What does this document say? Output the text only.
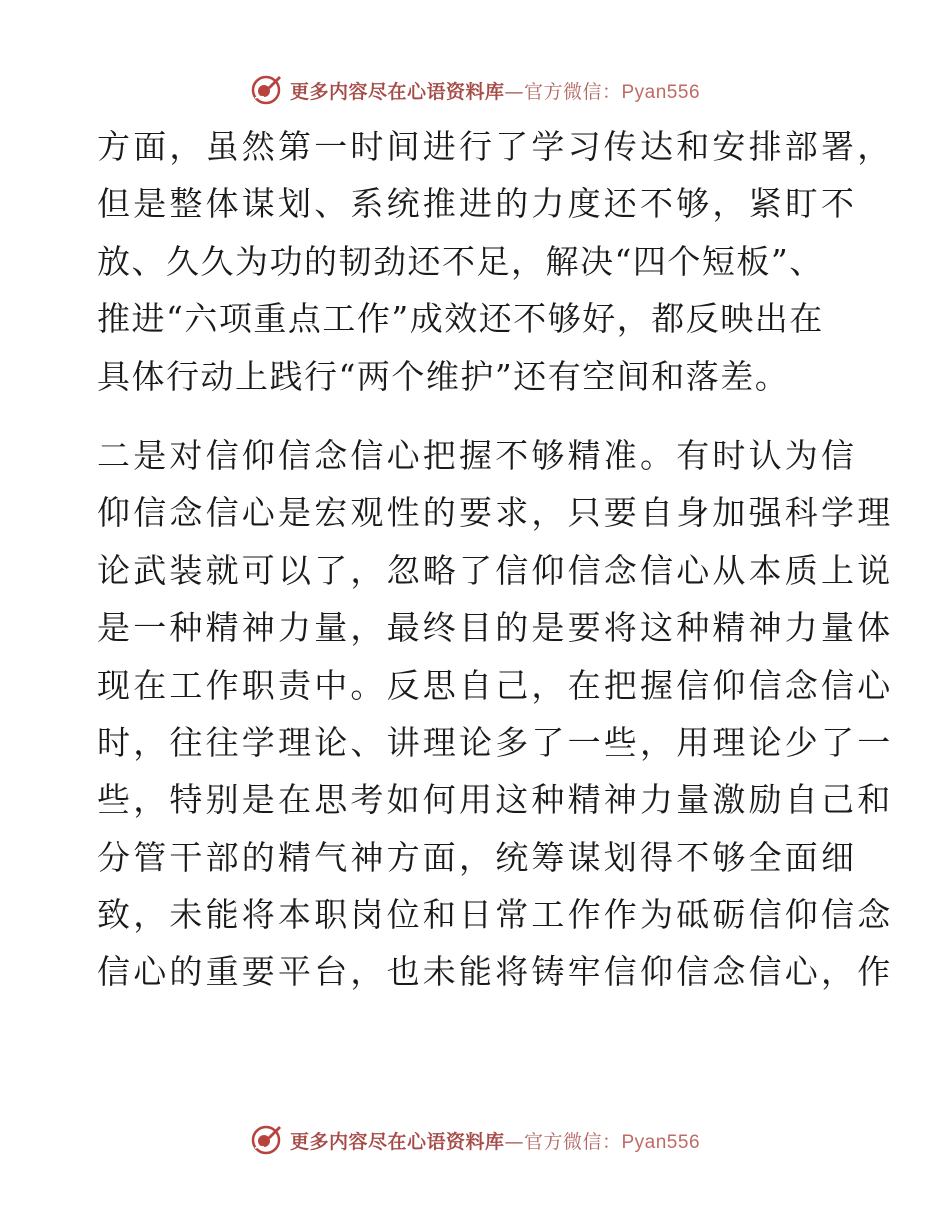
更多内容尽在心语资料库—官方微信：Pyan556
方面，虽然第一时间进行了学习传达和安排部署，
但是整体谋划、系统推进的力度还不够，紧盯不
放、久久为功的韧劲还不足，解决“四个短板”、
推进“六项重点工作”成效还不够好，都反映出在
具体行动上践行“两个维护”还有空间和落差。
二是对信仰信念信心把握不够精准。有时认为信
仰信念信心是宏观性的要求，只要自身加强科学理
论武装就可以了，忽略了信仰信念信心从本质上说
是一种精神力量，最终目的是要将这种精神力量体
现在工作职责中。反思自己，在把握信仰信念信心
时，往往学理论、讲理论多了一些，用理论少了一
些，特别是在思考如何用这种精神力量激励自己和
分管干部的精气神方面，统筹谋划得不够全面细
致，未能将本职岗位和日常工作作为砥砺信仰信念
信心的重要平台，也未能将铸牢信仰信念信心，作
更多内容尽在心语资料库—官方微信：Pyan556
